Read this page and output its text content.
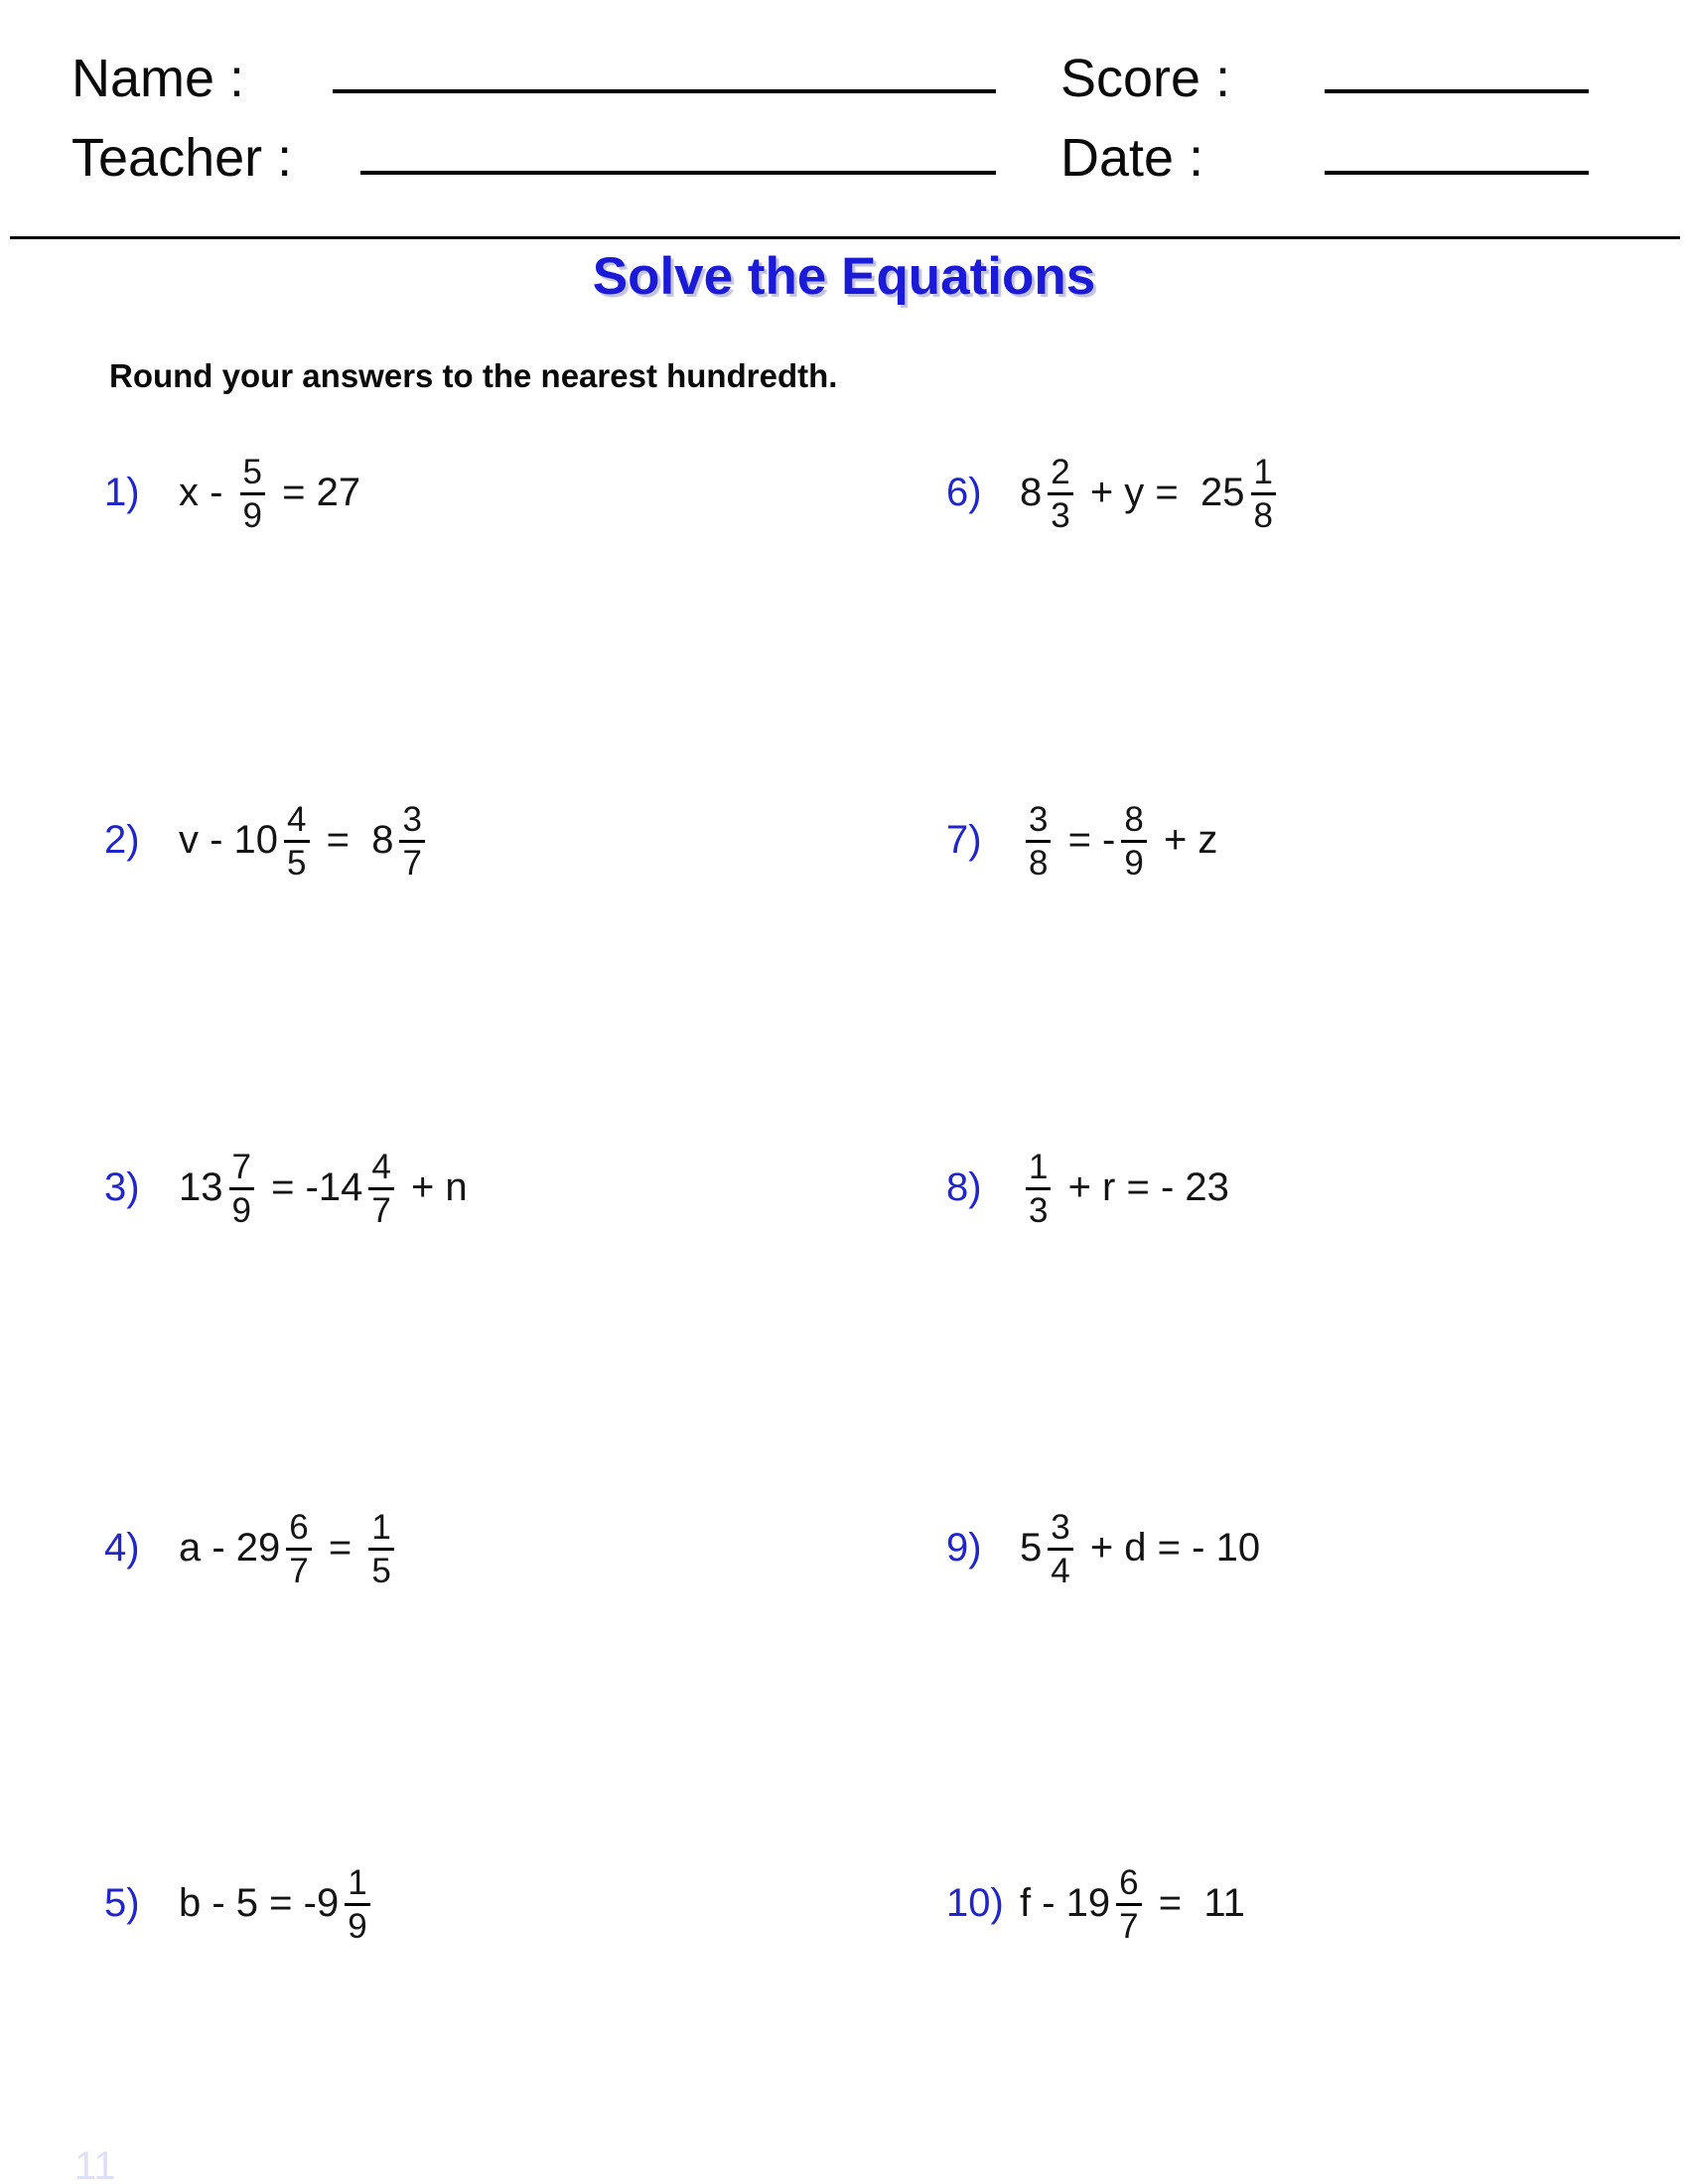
Name :	Score :
Teacher :	Date :
Solve the Equations
Round your answers to the nearest hundredth.
1) $x - \frac{5}{9} = 27$
2) $v - 10 \frac{4}{5} = 8 \frac{3}{7}$
3) $13 \frac{7}{9} = -14 \frac{4}{7} + n$
4) $a - 29 \frac{6}{7} = \frac{1}{5}$
5) $b - 5 = -9 \frac{1}{9}$
6) $8 \frac{2}{3} + y = 25 \frac{1}{8}$
$7) \frac{3}{8}$ = - $\frac{8}{9} + z$
$8) \frac{1}{3} + r$ = - 23
9) $5 \frac{3}{4} + d$ = - 10
10) $f - 19 \frac{6}{7} = 11$
11
